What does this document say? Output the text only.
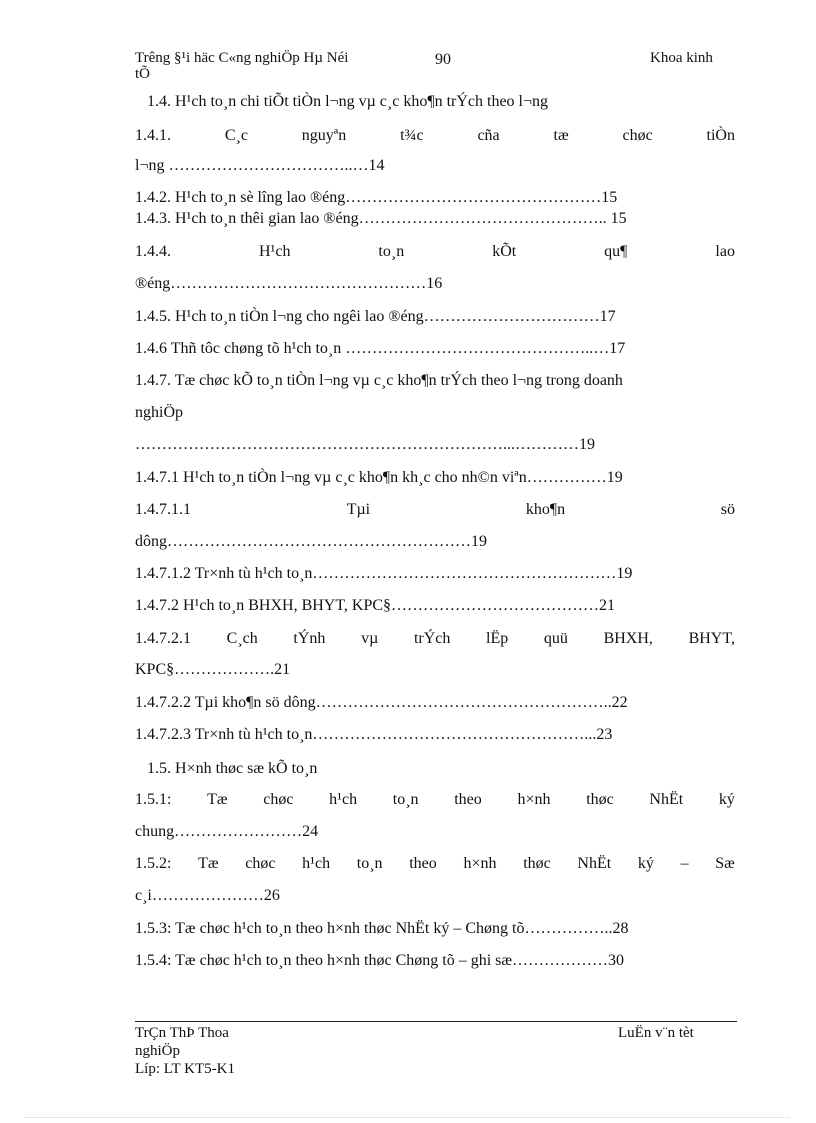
Trêng §¹i häc C«ng nghiÖp Hµ Néi
tÕ
90	Khoa kinh
1.4. H¹ch to¸n chi tiÕt tiÒn l¬ng vµ c¸c kho¶n trÝch theo l¬ng
1.4.1.	C¸c	nguyªn	t¾c	cña	tæ	chøc	tiÒn
l¬ng ……………………………..…14
1.4.2. H¹ch to¸n sè lîng lao ®éng…………………………………………15
1.4.3. H¹ch to¸n thêi gian lao ®éng……………………………………….. 15
1.4.4.	H¹ch	to¸n	kÕt	qu¶	lao
®éng…………………………………………16
1.4.5. H¹ch to¸n tiÒn l¬ng cho ngêi lao ®éng……………………………17
1.4.6 Thñ tôc chøng tõ h¹ch to¸n ………………………………………..…17
1.4.7. Tæ chøc kÕ to¸n tiÒn l¬ng vµ c¸c kho¶n trÝch theo l¬ng trong doanh
nghiÖp
……………………………………………………………...…………19
1.4.7.1 H¹ch to¸n tiÒn l¬ng vµ c¸c kho¶n kh¸c cho nh©n viªn……………19
1.4.7.1.1	Tµi	kho¶n	sö
dông…………………………………………………19
1.4.7.1.2 Tr×nh tù h¹ch to¸n…………………………………………………19
1.4.7.2 H¹ch to¸n BHXH, BHYT, KPC§…………………………………21
1.4.7.2.1 C¸ch tÝnh vµ trÝch lËp quü BHXH, BHYT,
KPC§……………….21
1.4.7.2.2 Tµi kho¶n sö dông………………………………………………..22
1.4.7.2.3 Tr×nh tù h¹ch to¸n……………………………………………...23
1.5. H×nh thøc sæ kÕ to¸n
1.5.1: Tæ chøc h¹ch to¸n theo h×nh thøc NhËt ký
chung……………………24
1.5.2: Tæ chøc h¹ch to¸n theo h×nh thøc NhËt ký – Sæ
c¸i…………………26
1.5.3: Tæ chøc h¹ch to¸n theo h×nh thøc NhËt ký – Chøng tõ……………..28
1.5.4: Tæ chøc h¹ch to¸n theo h×nh thøc Chøng tõ – ghi sæ………………30
TrÇn ThÞ Thoa
nghiÖp
Líp: LT KT5-K1
LuËn v¨n tèt
